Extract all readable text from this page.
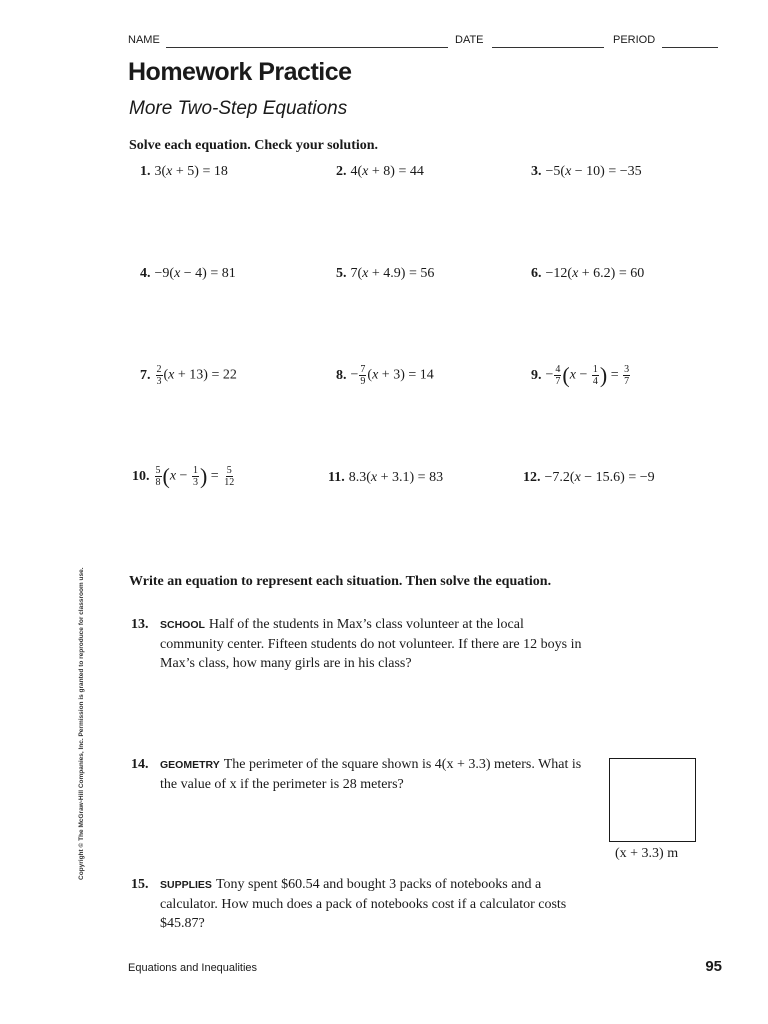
NAME	DATE	PERIOD
Homework Practice
More Two-Step Equations
Solve each equation. Check your solution.
1. 3(x + 5) = 18	2. 4(x + 8) = 44	3. −5(x − 10) = −35
4. −9(x − 4) = 81	5. 7(x + 4.9) = 56	6. −12(x + 6.2) = 60
7. $\frac{2}{3} (x + 13) = 22$	8. − $\frac{7}{9} (x + 3) = 14$	9. − $\frac{4}{7} (x - \frac{1}{4}$ ) = $\frac{3}{7}$
10. $\frac{5}{8} (x - \frac{1}{3}$ ) = $\frac{5}{12}$	11. 8.3(x + 3.1) = 83	12. −7.2(x − 15.6) = −9
Copyright © The McGraw-Hill Companies, Inc. Permission is granted to reproduce for classroom use.	Write an equation to represent each situation. Then solve the equation.
13. SCHOOL Half of the students in Max’s class volunteer at the local community center. Fifteen students do not volunteer. If there are 12 boys in Max’s class, how many girls are in his class?
14. GEOMETRY The perimeter of the square shown is 4(x + 3.3) meters. What is the value of x if the perimeter is 28 meters?
(x + 3.3) m
15. SUPPLIES Tony spent $60.54 and bought 3 packs of notebooks and a calculator. How much does a pack of notebooks cost if a calculator costs $45.87?
Equations and Inequalities	95
